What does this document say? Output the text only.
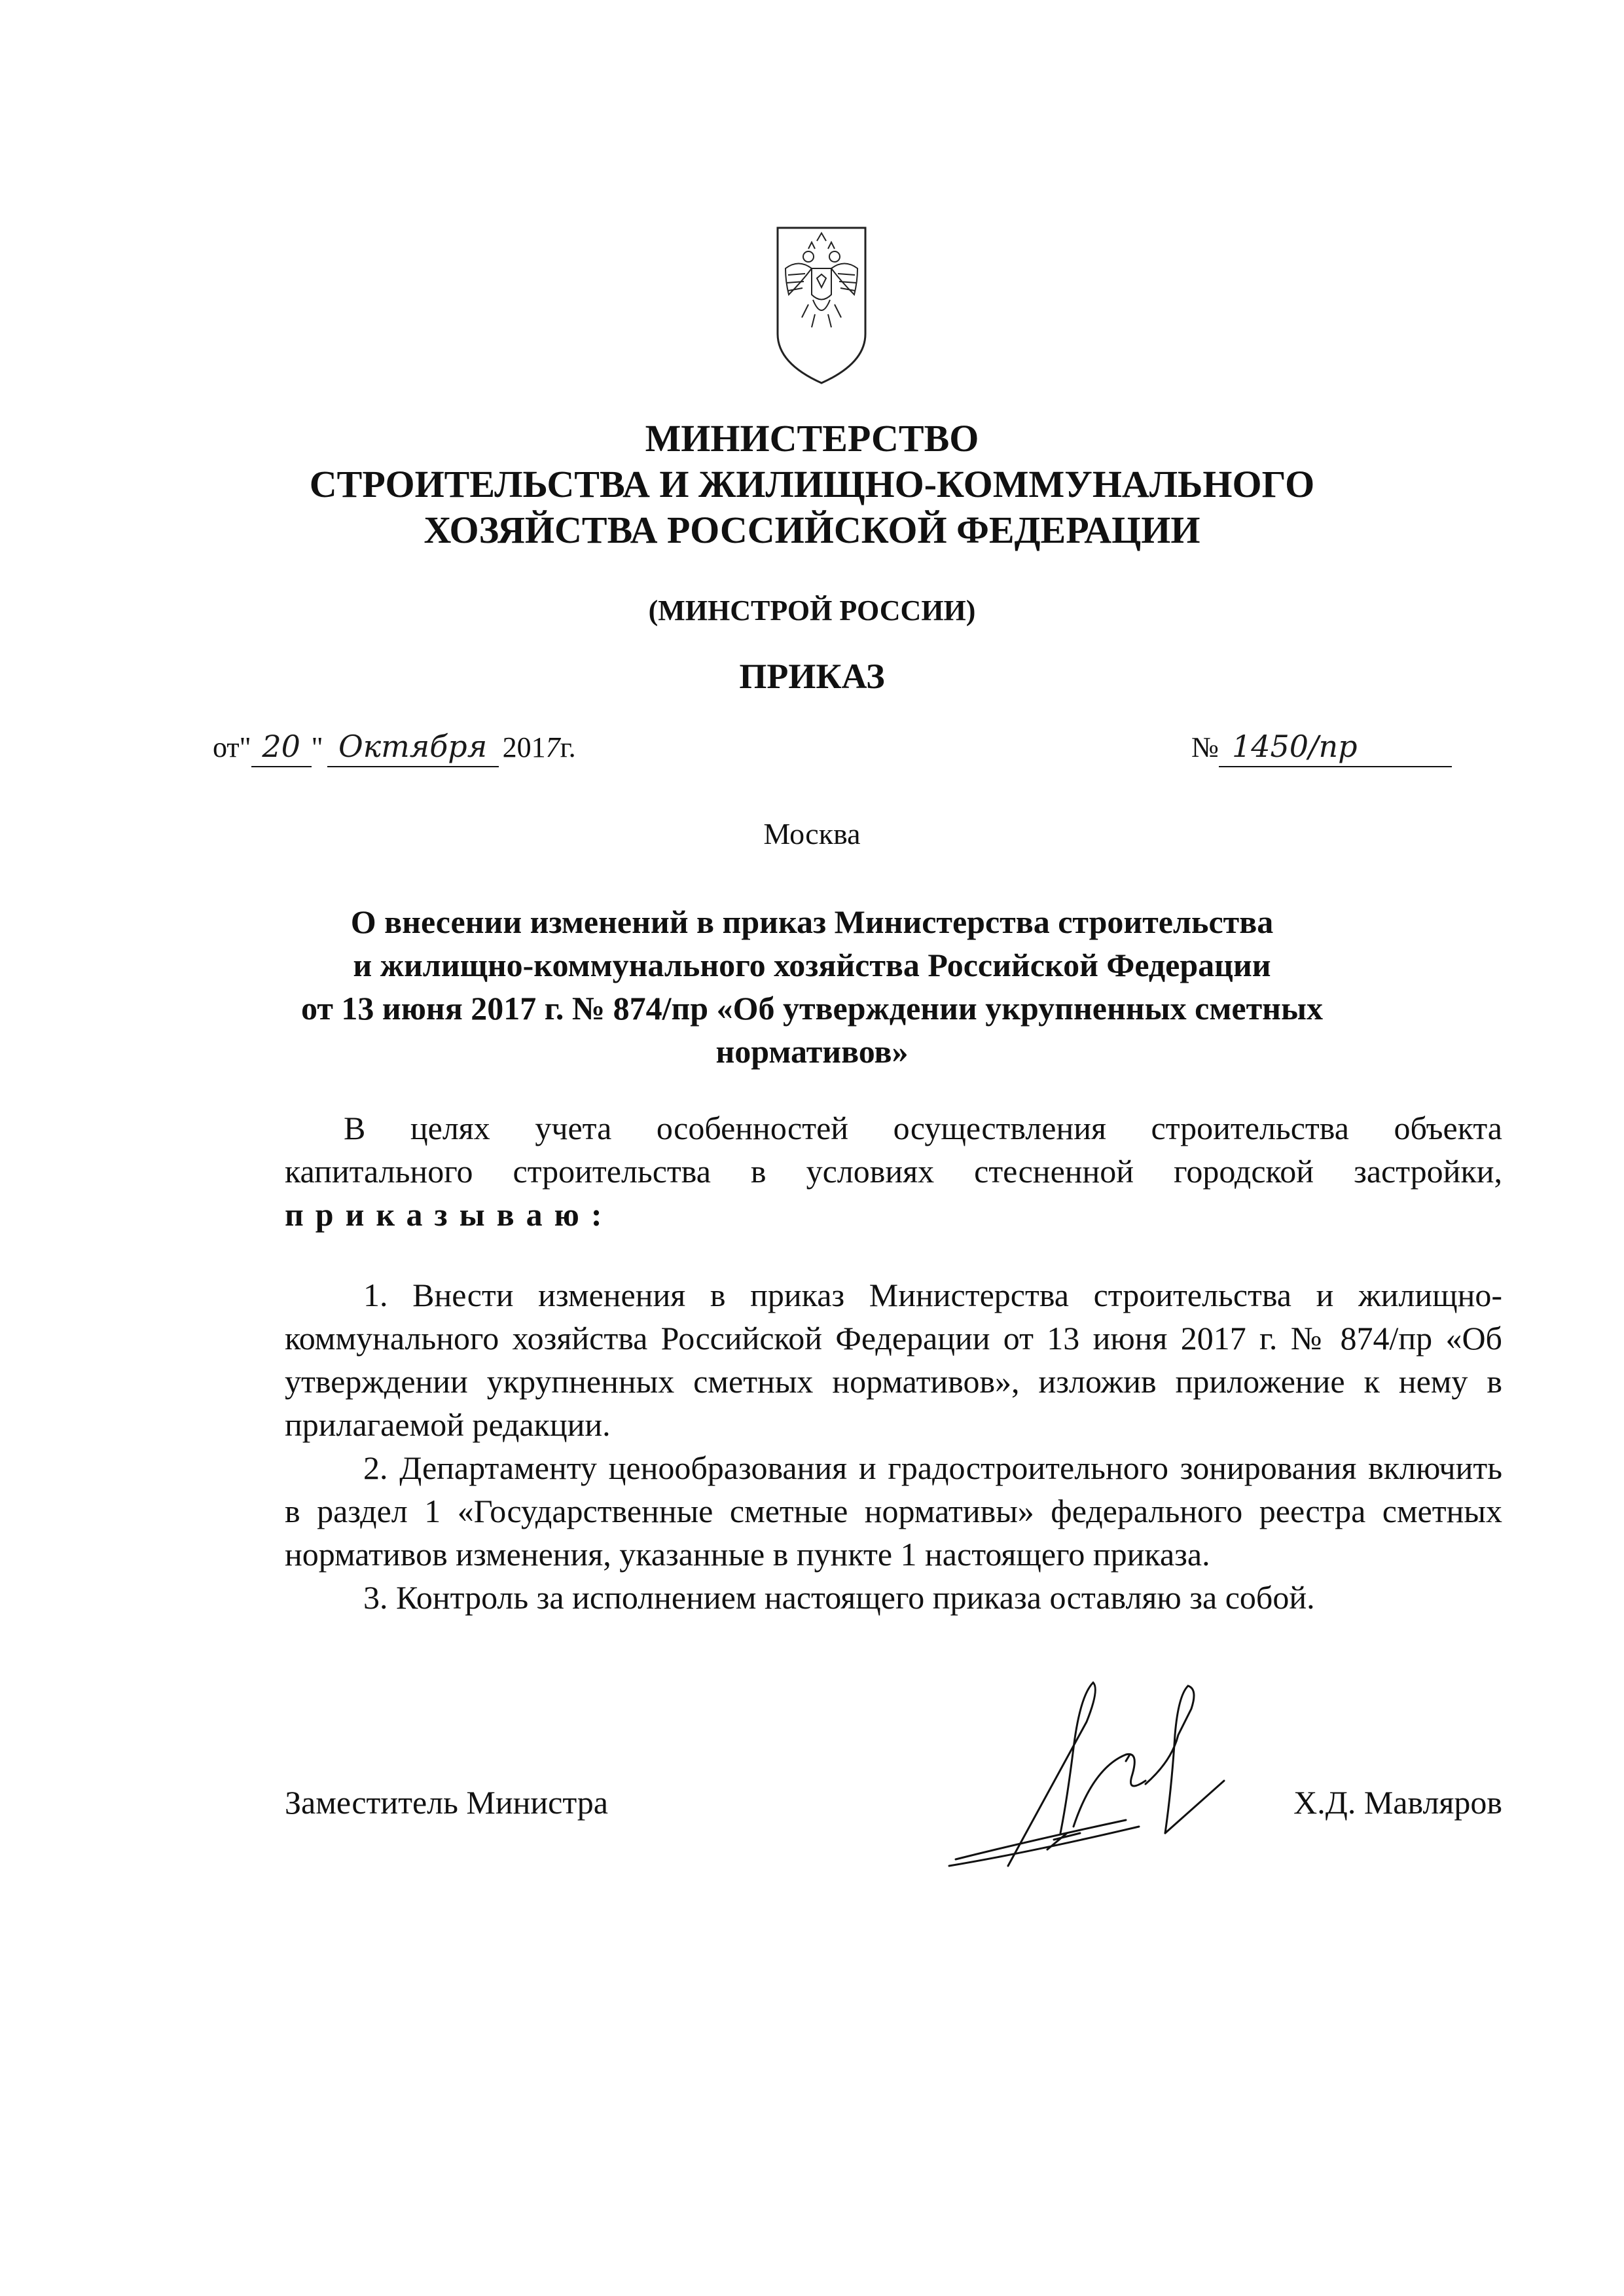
МИНИСТЕРСТВО
СТРОИТЕЛЬСТВА И ЖИЛИЩНО-КОММУНАЛЬНОГО
ХОЗЯЙСТВА РОССИЙСКОЙ ФЕДЕРАЦИИ
(МИНСТРОЙ РОССИИ)
ПРИКАЗ
от" 20 " Октября 2017г.	№ 1450/пр
Москва
О внесении изменений в приказ Министерства строительства
и жилищно-коммунального хозяйства Российской Федерации
от 13 июня 2017 г. № 874/пр «Об утверждении укрупненных сметных
нормативов»
В целях учета особенностей осуществления строительства объекта
капитального строительства в условиях стесненной городской застройки,
приказываю:

1. Внести изменения в приказ Министерства строительства и жилищно-коммунального хозяйства Российской Федерации от 13 июня 2017 г. № 874/пр «Об утверждении укрупненных сметных нормативов», изложив приложение к нему в прилагаемой редакции.

2. Департаменту ценообразования и градостроительного зонирования включить в раздел 1 «Государственные сметные нормативы» федерального реестра сметных нормативов изменения, указанные в пункте 1 настоящего приказа.

3. Контроль за исполнением настоящего приказа оставляю за собой.

Заместитель Министра	Х.Д. Мавляров
